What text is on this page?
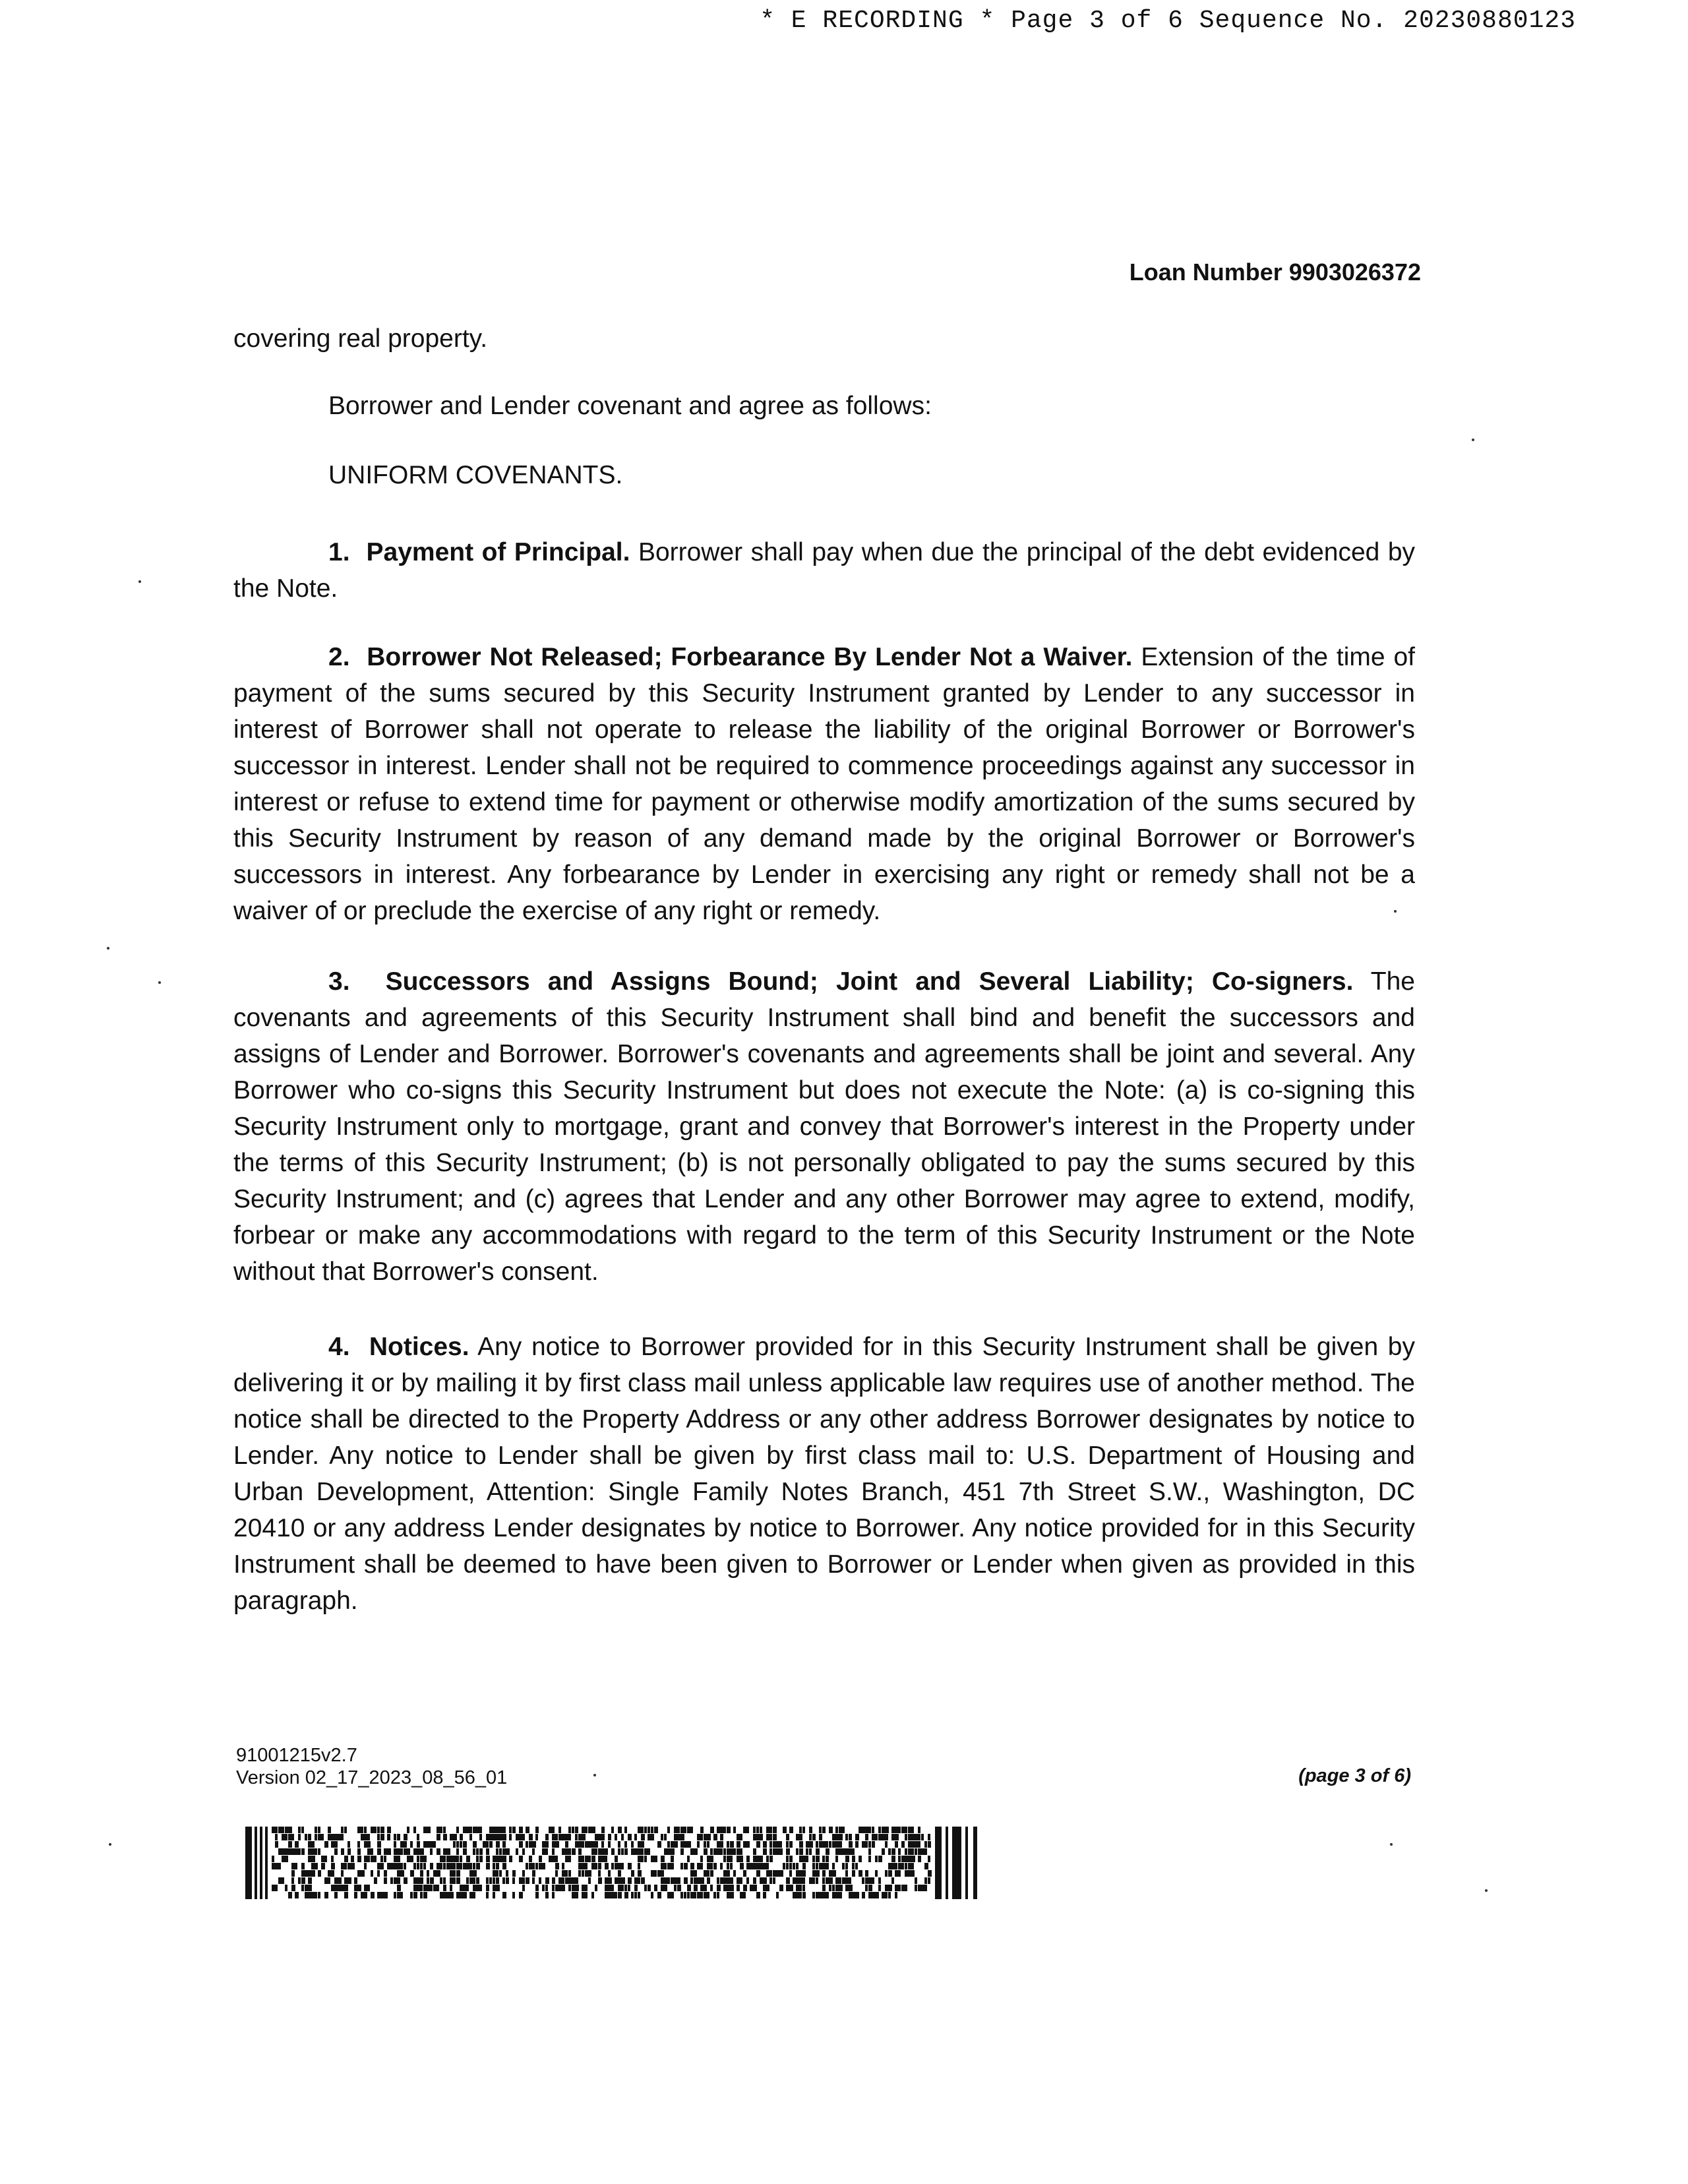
* E RECORDING * Page 3 of 6 Sequence No. 20230880123
Loan Number 9903026372
covering real property.
Borrower and Lender covenant and agree as follows:
UNIFORM COVENANTS.
1. Payment of Principal. Borrower shall pay when due the principal of the debt evidenced by the Note.
2. Borrower Not Released; Forbearance By Lender Not a Waiver. Extension of the time of payment of the sums secured by this Security Instrument granted by Lender to any successor in interest of Borrower shall not operate to release the liability of the original Borrower or Borrower's successor in interest. Lender shall not be required to commence proceedings against any successor in interest or refuse to extend time for payment or otherwise modify amortization of the sums secured by this Security Instrument by reason of any demand made by the original Borrower or Borrower's successors in interest. Any forbearance by Lender in exercising any right or remedy shall not be a waiver of or preclude the exercise of any right or remedy.
3. Successors and Assigns Bound; Joint and Several Liability; Co-signers. The covenants and agreements of this Security Instrument shall bind and benefit the successors and assigns of Lender and Borrower. Borrower's covenants and agreements shall be joint and several. Any Borrower who co-signs this Security Instrument but does not execute the Note: (a) is co-signing this Security Instrument only to mortgage, grant and convey that Borrower's interest in the Property under the terms of this Security Instrument; (b) is not personally obligated to pay the sums secured by this Security Instrument; and (c) agrees that Lender and any other Borrower may agree to extend, modify, forbear or make any accommodations with regard to the term of this Security Instrument or the Note without that Borrower's consent.
4. Notices. Any notice to Borrower provided for in this Security Instrument shall be given by delivering it or by mailing it by first class mail unless applicable law requires use of another method. The notice shall be directed to the Property Address or any other address Borrower designates by notice to Lender. Any notice to Lender shall be given by first class mail to: U.S. Department of Housing and Urban Development, Attention: Single Family Notes Branch, 451 7th Street S.W., Washington, DC 20410 or any address Lender designates by notice to Borrower. Any notice provided for in this Security Instrument shall be deemed to have been given to Borrower or Lender when given as provided in this paragraph.
91001215v2.7
Version 02_17_2023_08_56_01	(page 3 of 6)
